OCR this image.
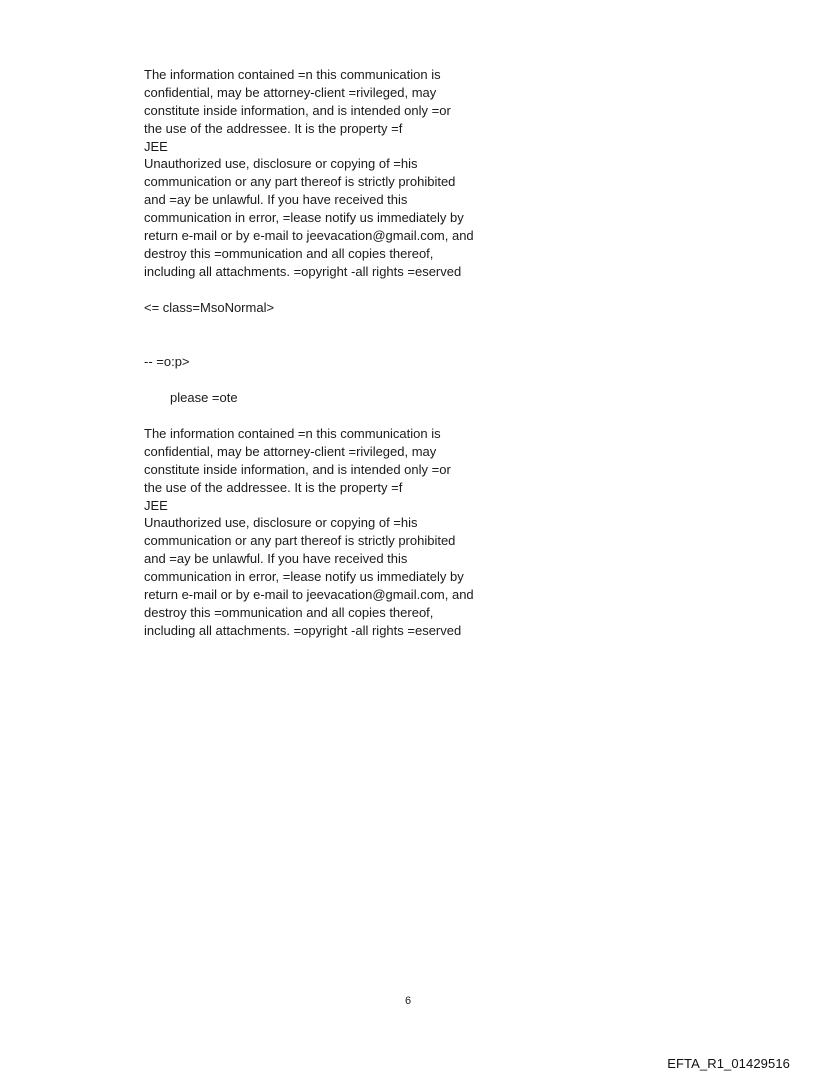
The information contained =n this communication is
confidential, may be attorney-client =rivileged, may
constitute inside information, and is intended only =or
the use of the addressee. It is the property =f
JEE
Unauthorized use, disclosure or copying of =his
communication or any part thereof is strictly prohibited
and =ay be unlawful. If you have received this
communication in error, =lease notify us immediately by
return e-mail or by e-mail to jeevacation@gmail.com, and
destroy this =ommunication and all copies thereof,
including all attachments. =opyright -all rights =eserved
<= class=MsoNormal>
-- =o:p>
please =ote
The information contained =n this communication is
confidential, may be attorney-client =rivileged, may
constitute inside information, and is intended only =or
the use of the addressee. It is the property =f
JEE
Unauthorized use, disclosure or copying of =his
communication or any part thereof is strictly prohibited
and =ay be unlawful. If you have received this
communication in error, =lease notify us immediately by
return e-mail or by e-mail to jeevacation@gmail.com, and
destroy this =ommunication and all copies thereof,
including all attachments. =opyright -all rights =eserved
6
EFTA_R1_01429516
